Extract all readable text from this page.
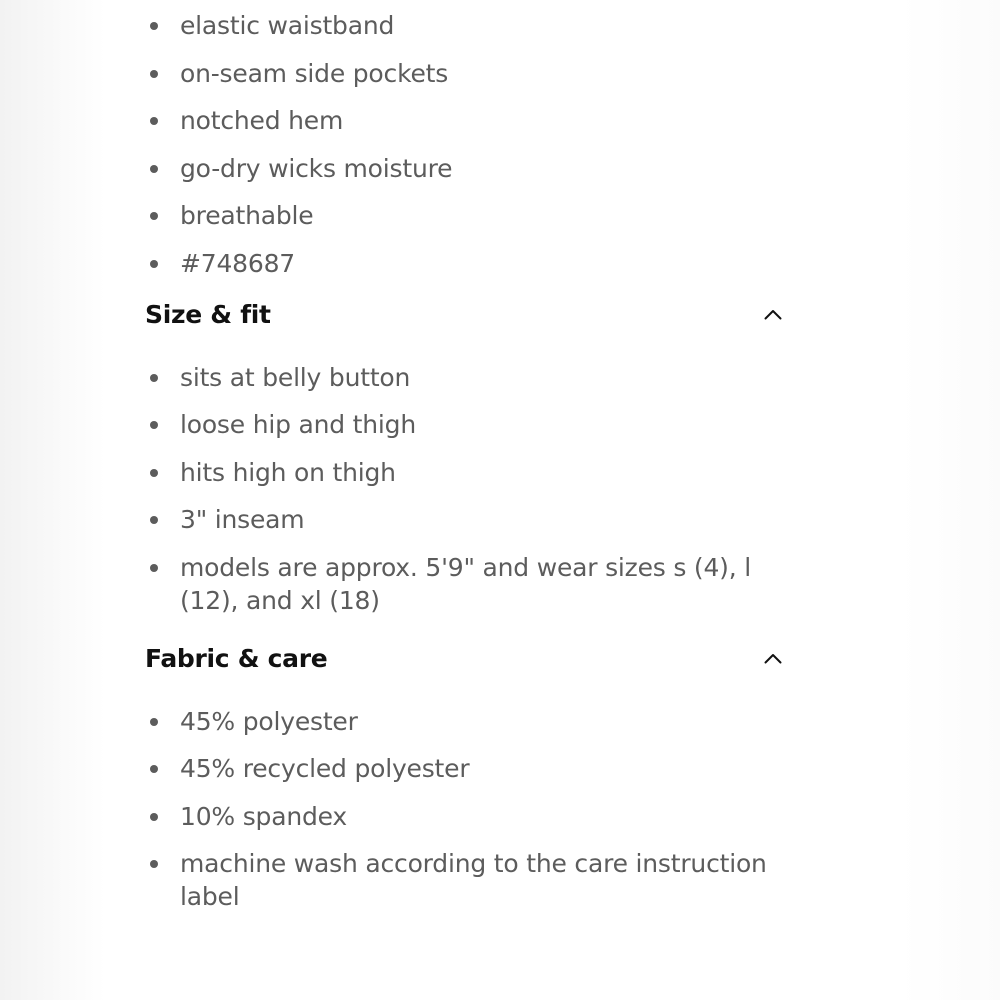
elastic waistband
on-seam side pockets
notched hem
go-dry wicks moisture
breathable
#748687
Size & fit
sits at belly button
loose hip and thigh
hits high on thigh
3" inseam
models are approx. 5'9" and wear sizes s (4), l (12), and xl (18)
Fabric & care
45% polyester
45% recycled polyester
10% spandex
machine wash according to the care instruction label
